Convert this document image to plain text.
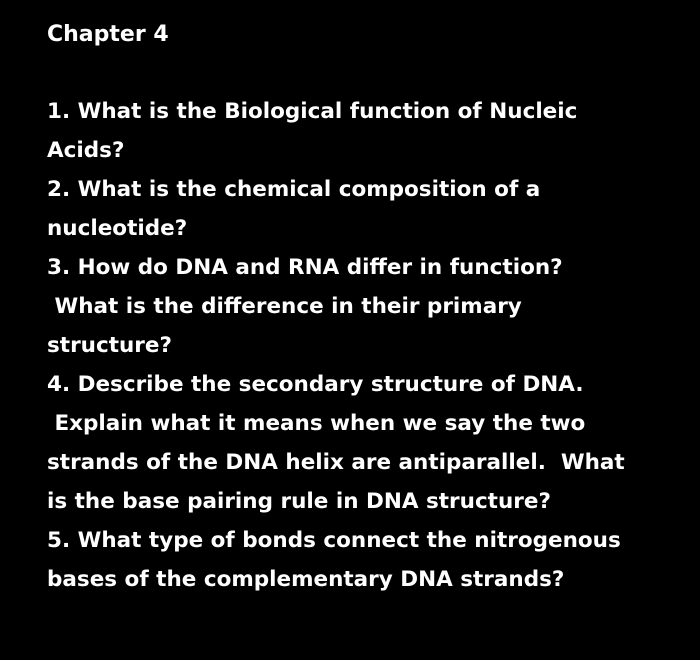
Chapter 4
1. What is the Biological function of Nucleic
Acids?
2. What is the chemical composition of a
nucleotide?
3. How do DNA and RNA differ in function?
What is the difference in their primary
structure?
4. Describe the secondary structure of DNA.
Explain what it means when we say the two
strands of the DNA helix are antiparallel.  What
is the base pairing rule in DNA structure?
5. What type of bonds connect the nitrogenous
bases of the complementary DNA strands?
